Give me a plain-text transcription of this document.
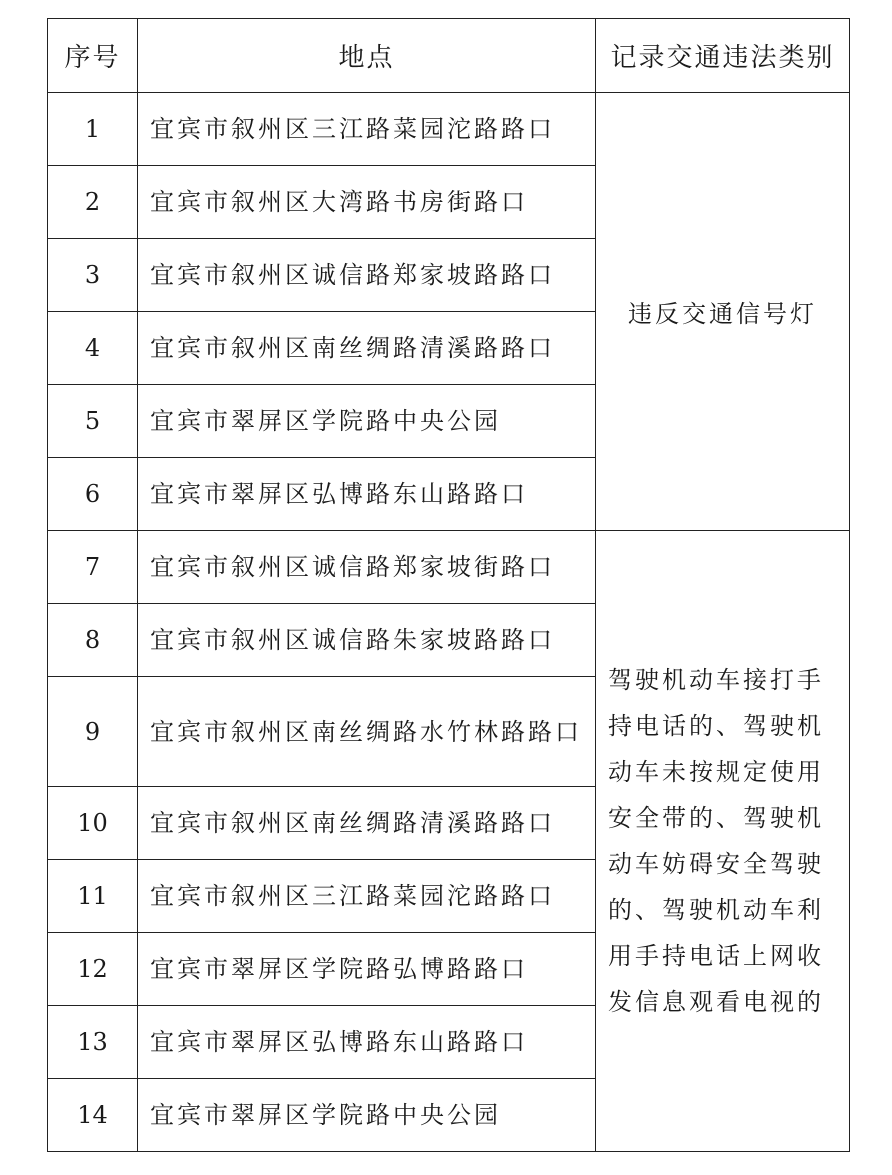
序号	地点	记录交通违法类别
1	宜宾市叙州区三江路菜园沱路路口	违反交通信号灯
2	宜宾市叙州区大湾路书房街路口	
3	宜宾市叙州区诚信路郑家坡路路口	
4	宜宾市叙州区南丝绸路清溪路路口	
5	宜宾市翠屏区学院路中央公园	
6	宜宾市翠屏区弘博路东山路路口	
7	宜宾市叙州区诚信路郑家坡街路口	驾驶机动车接打手持电话的、驾驶机动车未按规定使用安全带的、驾驶机动车妨碍安全驾驶的、驾驶机动车利用手持电话上网收发信息观看电视的
8	宜宾市叙州区诚信路朱家坡路路口	
9	宜宾市叙州区南丝绸路水竹林路路口	
10	宜宾市叙州区南丝绸路清溪路路口	
11	宜宾市叙州区三江路菜园沱路路口	
12	宜宾市翠屏区学院路弘博路路口	
13	宜宾市翠屏区弘博路东山路路口	
14	宜宾市翠屏区学院路中央公园	
